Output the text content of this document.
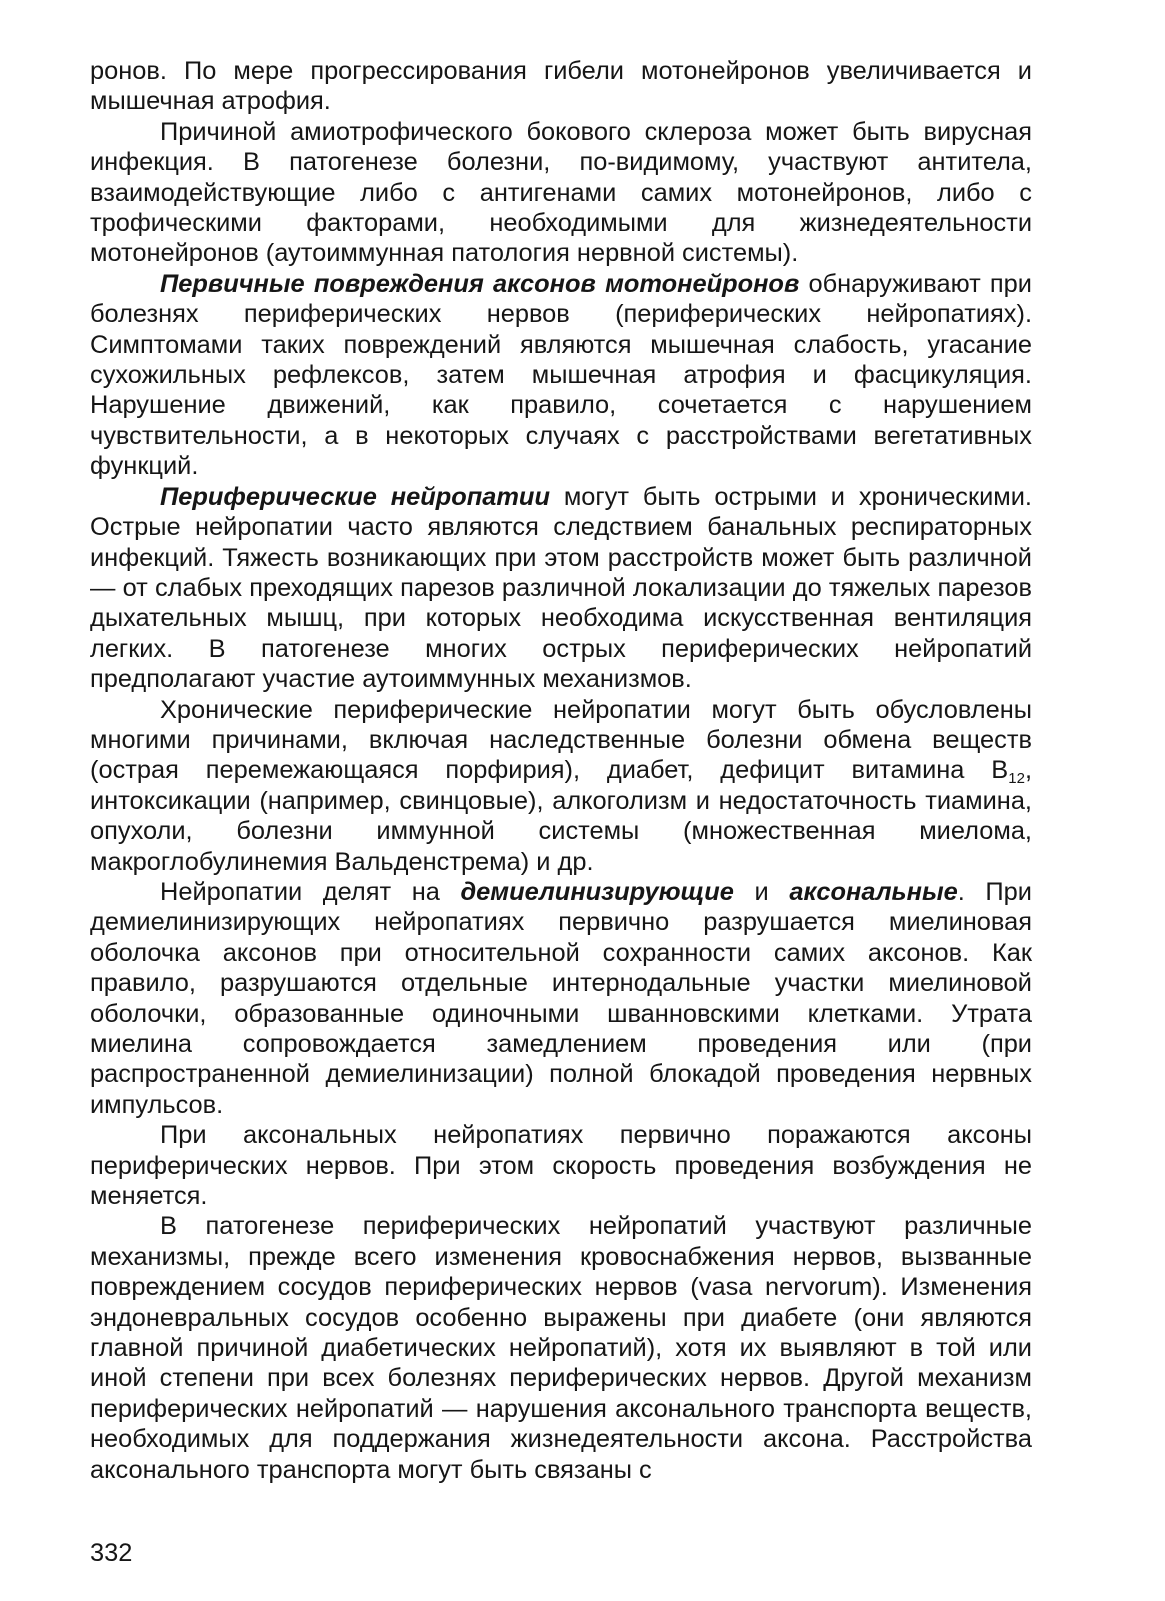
ронов. По мере прогрессирования гибели мотонейронов увеличивается и мышечная атрофия.

Причиной амиотрофического бокового склероза может быть вирусная инфекция. В патогенезе болезни, по-видимому, участвуют антитела, взаимодействующие либо с антигенами самих мотонейронов, либо с трофическими факторами, необходимыми для жизнедеятельности мотонейронов (аутоиммунная патология нервной системы).

Первичные повреждения аксонов мотонейронов обнаруживают при болезнях периферических нервов (периферических нейропатиях). Симптомами таких повреждений являются мышечная слабость, угасание сухожильных рефлексов, затем мышечная атрофия и фасцикуляция. Нарушение движений, как правило, сочетается с нарушением чувствительности, а в некоторых случаях с расстройствами вегетативных функций.

Периферические нейропатии могут быть острыми и хроническими. Острые нейропатии часто являются следствием банальных респираторных инфекций. Тяжесть возникающих при этом расстройств может быть различной — от слабых преходящих парезов различной локализации до тяжелых парезов дыхательных мышц, при которых необходима искусственная вентиляция легких. В патогенезе многих острых периферических нейропатий предполагают участие аутоиммунных механизмов.

Хронические периферические нейропатии могут быть обусловлены многими причинами, включая наследственные болезни обмена веществ (острая перемежающаяся порфирия), диабет, дефицит витамина $В_{12}$, интоксикации (например, свинцовые), алкоголизм и недостаточность тиамина, опухоли, болезни иммунной системы (множественная миелома, макроглобулинемия Вальденстрема) и др.

Нейропатии делят на демиелинизирующие и аксональные. При демиелинизирующих нейропатиях первично разрушается миелиновая оболочка аксонов при относительной сохранности самих аксонов. Как правило, разрушаются отдельные интернодальные участки миелиновой оболочки, образованные одиночными шванновскими клетками. Утрата миелина сопровождается замедлением проведения или (при распространенной демиелинизации) полной блокадой проведения нервных импульсов.

При аксональных нейропатиях первично поражаются аксоны периферических нервов. При этом скорость проведения возбуждения не меняется.

В патогенезе периферических нейропатий участвуют различные механизмы, прежде всего изменения кровоснабжения нервов, вызванные повреждением сосудов периферических нервов (vasa nervorum). Изменения эндоневральных сосудов особенно выражены при диабете (они являются главной причиной диабетических нейропатий), хотя их выявляют в той или иной степени при всех болезнях периферических нервов. Другой механизм периферических нейропатий — нарушения аксонального транспорта веществ, необходимых для поддержания жизнедеятельности аксона. Расстройства аксонального транспорта могут быть связаны с

332
